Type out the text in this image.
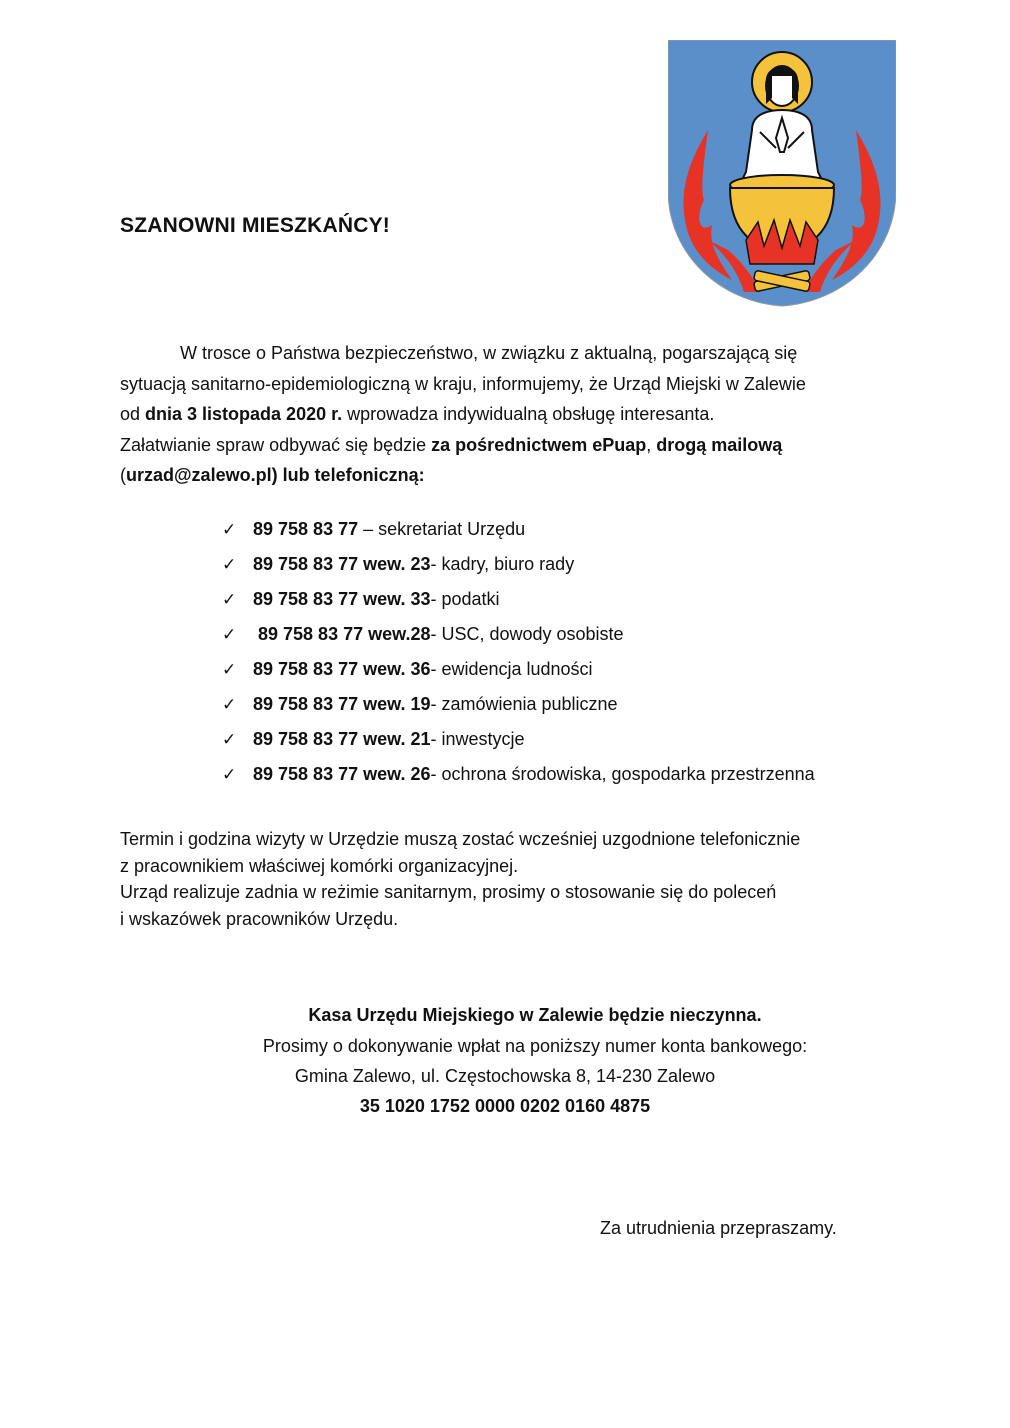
SZANOWNI MIESZKAŃCY!
W trosce o Państwa bezpieczeństwo, w związku z aktualną, pogarszającą się
sytuacją sanitarno-epidemiologiczną w kraju, informujemy, że Urząd Miejski w Zalewie
od dnia 3 listopada 2020 r. wprowadza indywidualną obsługę interesanta.
Załatwianie spraw odbywać się będzie za pośrednictwem ePuap, drogą mailową
(urzad@zalewo.pl) lub telefoniczną:
✓ 89 758 83 77 – sekretariat Urzędu
✓ 89 758 83 77 wew. 23- kadry, biuro rady
✓ 89 758 83 77 wew. 33- podatki
✓ 89 758 83 77 wew.28- USC, dowody osobiste
✓ 89 758 83 77 wew. 36- ewidencja ludności
✓ 89 758 83 77 wew. 19- zamówienia publiczne
✓ 89 758 83 77 wew. 21- inwestycje
✓ 89 758 83 77 wew. 26- ochrona środowiska, gospodarka przestrzenna
Termin i godzina wizyty w Urzędzie muszą zostać wcześniej uzgodnione telefonicznie
z pracownikiem właściwej komórki organizacyjnej.
Urząd realizuje zadnia w reżimie sanitarnym, prosimy o stosowanie się do poleceń
i wskazówek pracowników Urzędu.
Kasa Urzędu Miejskiego w Zalewie będzie nieczynna.
Prosimy o dokonywanie wpłat na poniższy numer konta bankowego:
Gmina Zalewo, ul. Częstochowska 8, 14-230 Zalewo
35 1020 1752 0000 0202 0160 4875
Za utrudnienia przepraszamy.
